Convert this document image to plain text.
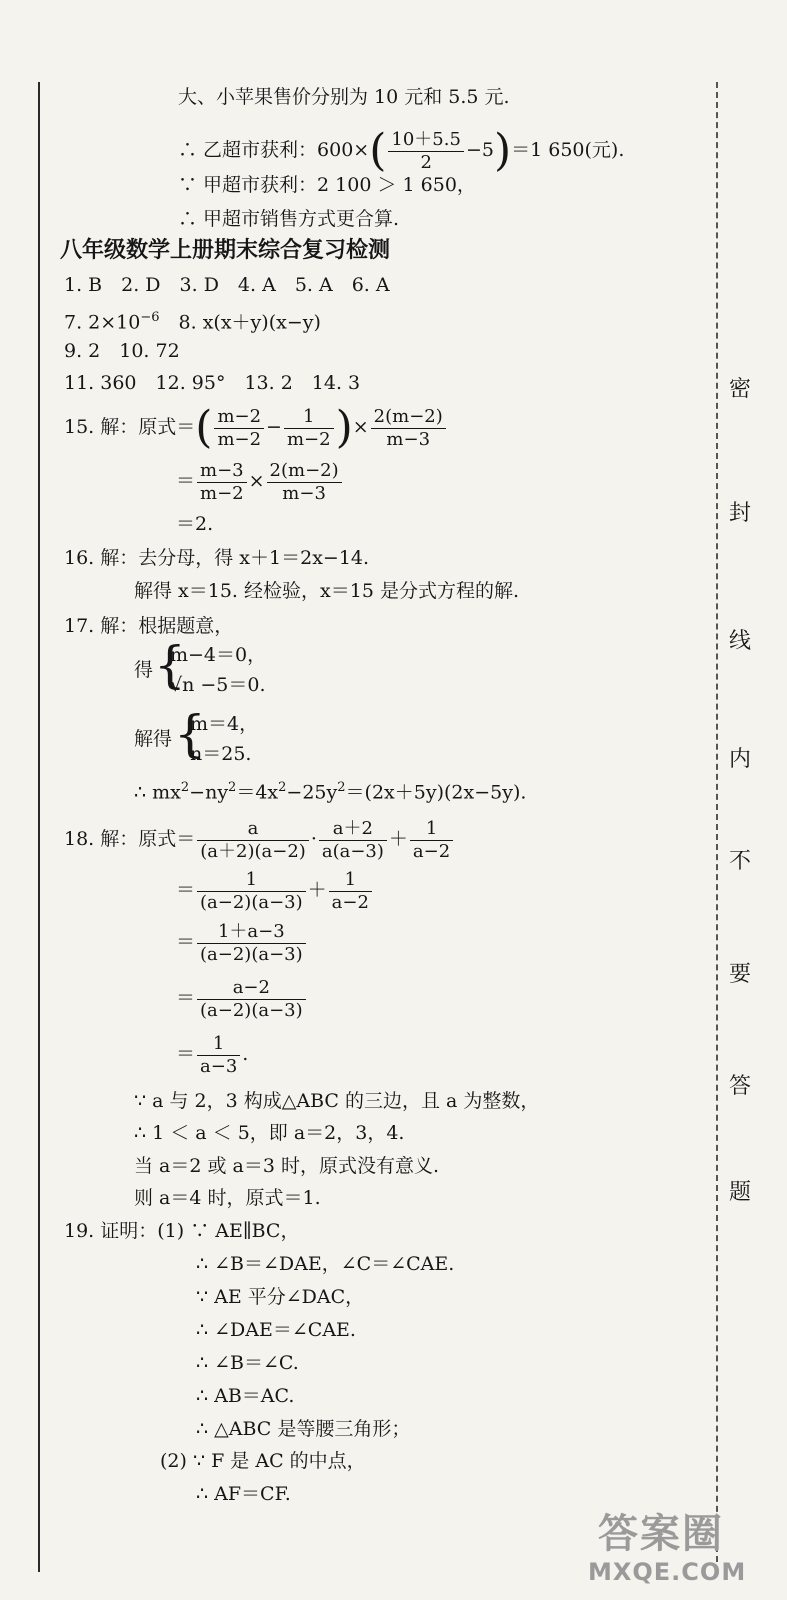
密
封
线
内
不
要
答
题
大、小苹果售价分别为 10 元和 5.5 元.
∴ 乙超市获利：$600\times( \frac{10+5.5}{2} -5)=1$ 650(元).
∵ 甲超市获利：2 100 ＞ 1 650，
∴ 甲超市销售方式更合算.
八年级数学上册期末综合复习检测
1. B　2. D　3. D　4. A　5. A　6. A
7. $2\times 10^{-6}$　8. x(x＋y)(x−y)
9. 2　10. 72
11. 360　12. 95°　13. 2　14. 3
15. 解：原式＝( $\frac{m-2}{m-2} - \frac{1}{m-2}$ )× $\frac{2(m-2)}{m-3}$
＝ $\frac{m-3}{m-2} \times \frac{2(m-2)}{m-3}$
＝2.
16. 解：去分母，得 x＋1＝2x−14.
解得 x＝15. 经检验，x＝15 是分式方程的解.
17. 解：根据题意，
得 {
m−4＝0，
√n −5＝0.
解得 {
m＝4，
n＝25.
∴ $mx^2-ny^2=4x^2-25y^2=(2x+5y)(2x-5y)$.
18. 解：原式＝ $\frac{a}{(a+2)(a-2)} \cdot \frac{a+2}{a(a-3)} + \frac{1}{a-2}$
＝ $\frac{1}{(a-2)(a-3)} + \frac{1}{a-2}$
＝ $\frac{1+a-3}{(a-2)(a-3)}$
＝ $\frac{a-2}{(a-2)(a-3)}$
＝ $\frac{1}{a-3}$ .
∵ a 与 2，3 构成△ABC 的三边，且 a 为整数，
∴ 1 ＜ a ＜ 5，即 a＝2，3，4.
当 a＝2 或 a＝3 时，原式没有意义.
则 a＝4 时，原式＝1.
19. 证明：(1) ∵ AE∥BC，
∴ ∠B＝∠DAE，∠C＝∠CAE.
∵ AE 平分∠DAC，
∴ ∠DAE＝∠CAE.
∴ ∠B＝∠C.
∴ AB＝AC.
∴ △ABC 是等腰三角形；
(2) ∵ F 是 AC 的中点，
∴ AF＝CF.
答案圈
MXQE.COM
